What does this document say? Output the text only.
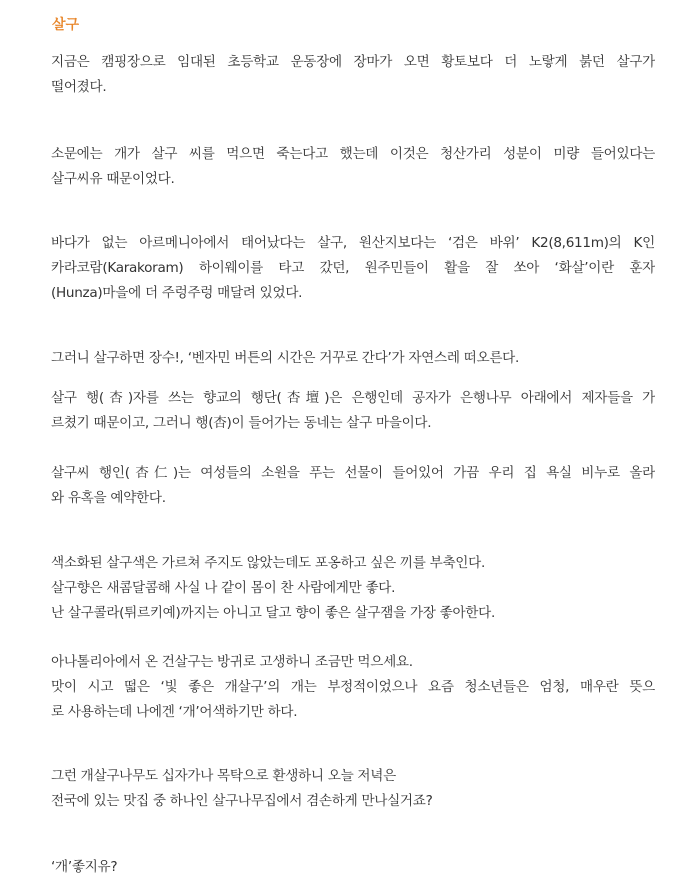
살구
지금은 캠핑장으로 임대된 초등학교 운동장에 장마가 오면 황토보다 더 노랗게 붉던 살구가
떨어졌다.
소문에는 개가 살구 씨를 먹으면 죽는다고 했는데 이것은 청산가리 성분이 미량 들어있다는
살구씨유 때문이었다.
바다가 없는 아르메니아에서 태어났다는 살구, 원산지보다는 ‘검은 바위’ K2(8,611m)의 K인
카라코람(Karakoram) 하이웨이를 타고 갔던, 원주민들이 활을 잘 쏘아 ‘화살’이란 훈자
(Hunza)마을에 더 주렁주렁 매달려 있었다.
그러니 살구하면 장수!, ‘벤자민 버튼의 시간은 거꾸로 간다’가 자연스레 떠오른다.
살구 행(杏)자를 쓰는 향교의 행단(杏壇)은 은행인데 공자가 은행나무 아래에서 제자들을 가
르쳤기 때문이고, 그러니 행(杏)이 들어가는 동네는 살구 마을이다.
살구씨 행인(杏仁)는 여성들의 소원을 푸는 선물이 들어있어 가끔 우리 집 욕실 비누로 올라
와 유혹을 예약한다.
색소화된 살구색은 가르쳐 주지도 않았는데도 포옹하고 싶은 끼를 부축인다.
살구향은 새콤달콤해 사실 나 같이 몸이 찬 사람에게만 좋다.
난 살구콜라(튀르키예)까지는 아니고 달고 향이 좋은 살구잼을 가장 좋아한다.
아나톨리아에서 온 건살구는 방귀로 고생하니 조금만 먹으세요.
맛이 시고 떫은 ‘빛 좋은 개살구’의 개는 부정적이었으나 요즘 청소년들은 엄청, 매우란 뜻으
로 사용하는데 나에겐 ‘개’어색하기만 하다.
그런 개살구나무도 십자가나 목탁으로 환생하니 오늘 저녁은
전국에 있는 맛집 중 하나인 살구나무집에서 겸손하게 만나실거죠?
‘개’좋지유?
